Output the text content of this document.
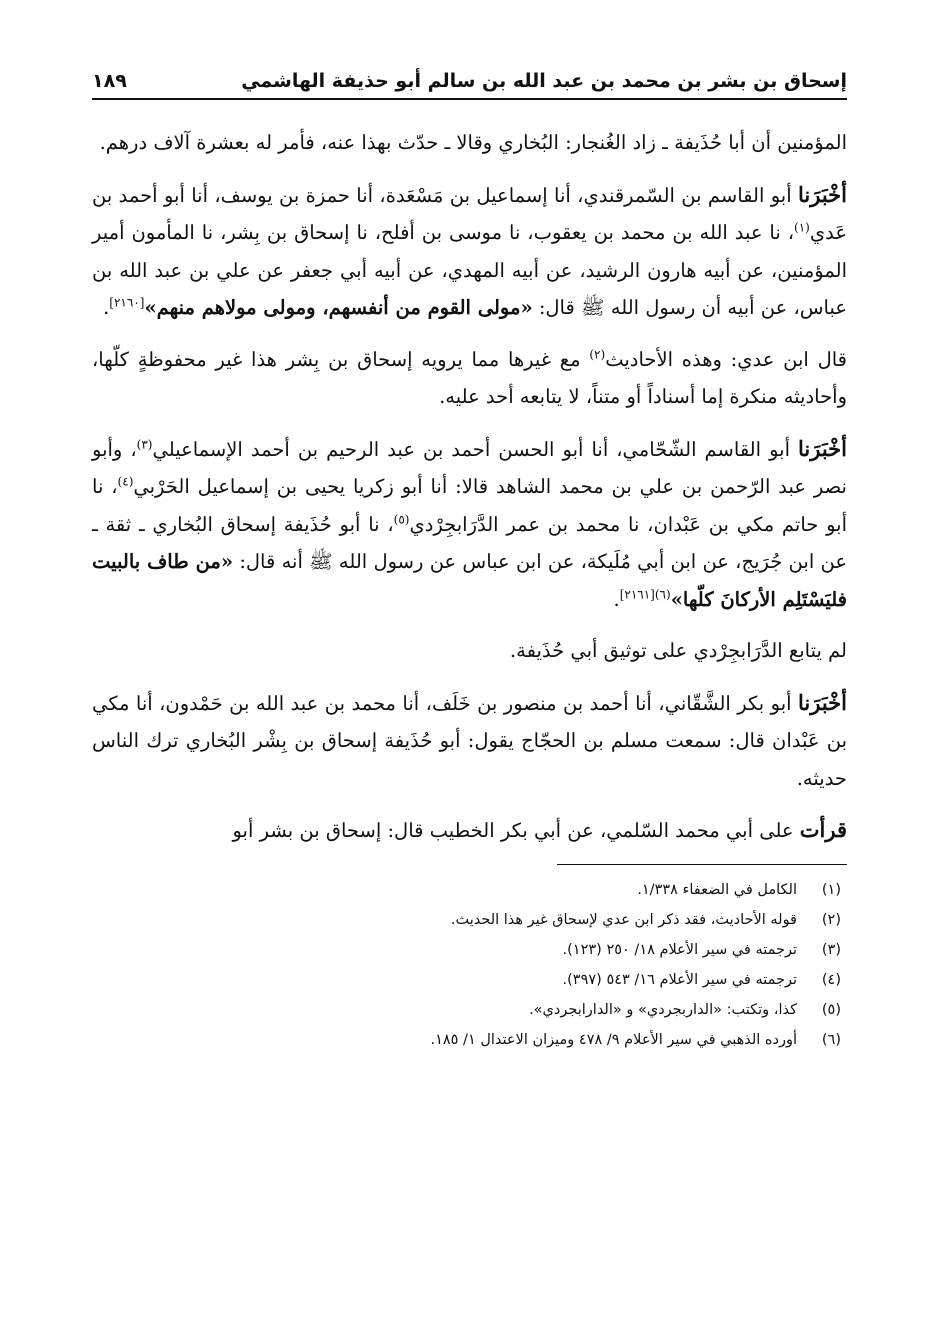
إسحاق بن بشر بن محمد بن عبد الله بن سالم أبو حذيفة الهاشمي
١٨٩

المؤمنين أن أبا حُذَيفة ـ زاد الغُنجار: البُخاري وقالا ـ حدّث بهذا عنه، فأمر له بعشرة آلاف درهم.

أخْبَرَنا أبو القاسم بن السّمرقندي، أنا إسماعيل بن مَسْعَدة، أنا حمزة بن يوسف، أنا أبو أحمد بن عَدي$^{(١)}$، نا عبد الله بن محمد بن يعقوب، نا موسى بن أفلح، نا إسحاق بن بِشر، نا المأمون أمير المؤمنين، عن أبيه هارون الرشيد، عن أبيه المهدي، عن أبيه أبي جعفر عن علي بن عبد الله بن عباس، عن أبيه أن رسول الله ﷺ قال: «مولى القوم من أنفسهم، ومولى مولاهم منهم»[٢١٦٠].

قال ابن عدي: وهذه الأحاديث$^{(٢)}$ مع غيرها مما يرويه إسحاق بن بِشر هذا غير محفوظةٍ كلّها، وأحاديثه منكرة إما أسناداً أو متناً، لا يتابعه أحد عليه.

أخْبَرَنا أبو القاسم الشّحّامي، أنا أبو الحسن أحمد بن عبد الرحيم بن أحمد الإسماعيلي$^{(٣)}$، وأبو نصر عبد الرّحمن بن علي بن محمد الشاهد قالا: أنا أبو زكريا يحيى بن إسماعيل الحَرْبي$^{(٤)}$، نا أبو حاتم مكي بن عَبْدان، نا محمد بن عمر الدَّرَابجِرْدي$^{(٥)}$، نا أبو حُذَيفة إسحاق البُخاري ـ ثقة ـ عن ابن جُرَيج، عن ابن أبي مُلَيكة، عن ابن عباس عن رسول الله ﷺ أنه قال: «من طاف بالبيت فليَسْتَلِم الأركانَ كلّها»$^{(٦)[٢١٦١]}$.

لم يتابع الدَّرَابجِرْدي على توثيق أبي حُذَيفة.

أخْبَرَنا أبو بكر الشَّقّاني، أنا أحمد بن منصور بن خَلَف، أنا محمد بن عبد الله بن حَمْدون، أنا مكي بن عَبْدان قال: سمعت مسلم بن الحجّاج يقول: أبو حُذَيفة إسحاق بن بِشْر البُخاري ترك الناس حديثه.

قرأت على أبي محمد السّلمي، عن أبي بكر الخطيب قال: إسحاق بن بشر أبو

(١)
الكامل في الضعفاء ١/٣٣٨.
(٢)
قوله الأحاديث، فقد ذكر ابن عدي لإسحاق غير هذا الحديث.
(٣)
ترجمته في سير الأعلام ١٨/ ٢٥٠ (١٢٣).
(٤)
ترجمته في سير الأعلام ١٦/ ٥٤٣ (٣٩٧).
(٥)
كذا، وتكتب: «الداربجردي» و «الدارابجردي».
(٦)
أورده الذهبي في سير الأعلام ٩/ ٤٧٨ وميزان الاعتدال ١/ ١٨٥.
